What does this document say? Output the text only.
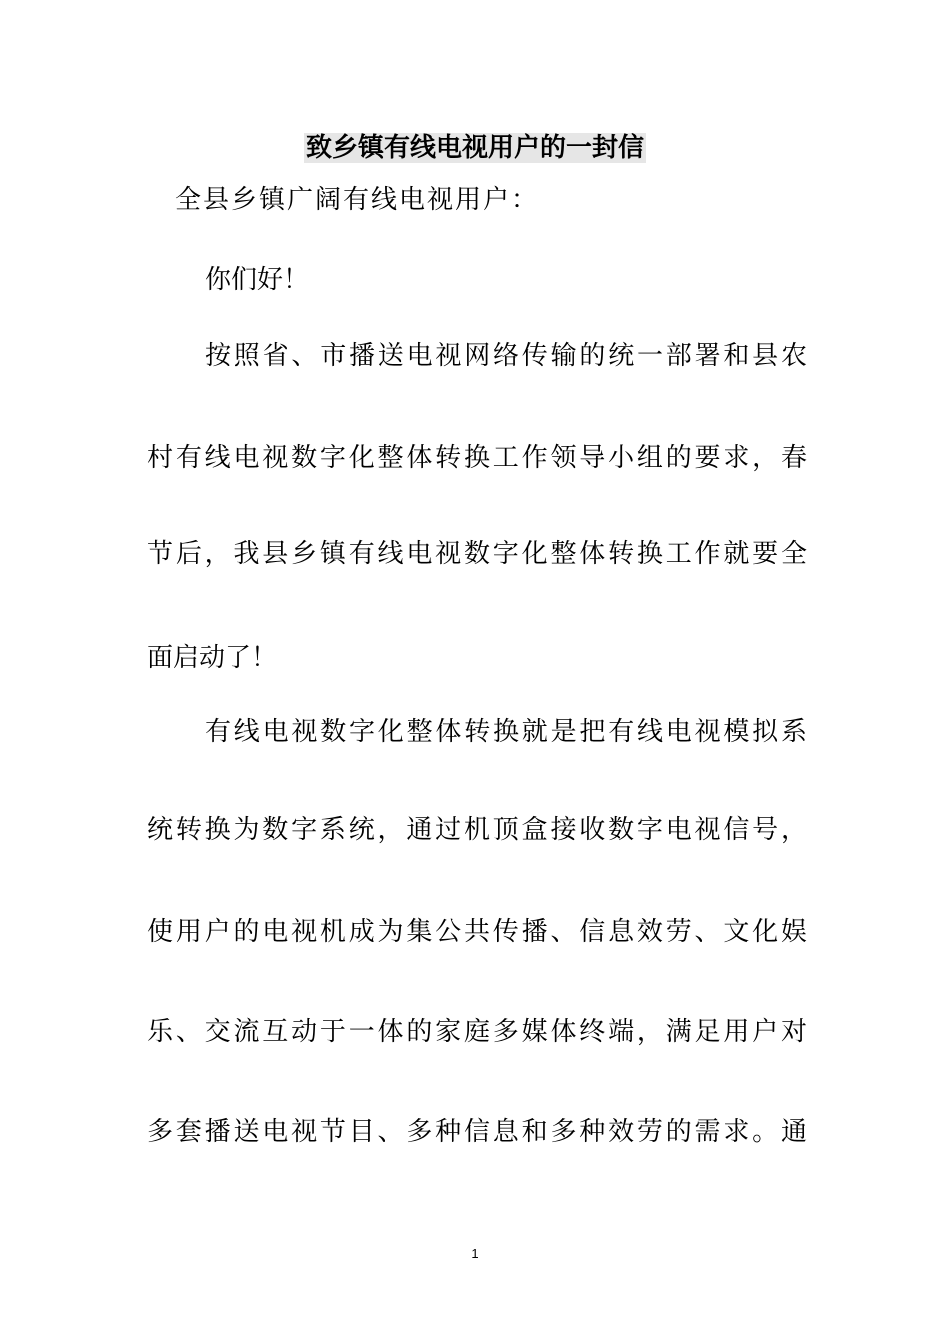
致乡镇有线电视用户的一封信
全县乡镇广阔有线电视用户：
你们好！
按照省、市播送电视网络传输的统一部署和县农
村有线电视数字化整体转换工作领导小组的要求，春
节后，我县乡镇有线电视数字化整体转换工作就要全
面启动了！
有线电视数字化整体转换就是把有线电视模拟系
统转换为数字系统，通过机顶盒接收数字电视信号，
使用户的电视机成为集公共传播、信息效劳、文化娱
乐、交流互动于一体的家庭多媒体终端，满足用户对
多套播送电视节目、多种信息和多种效劳的需求。通
1
